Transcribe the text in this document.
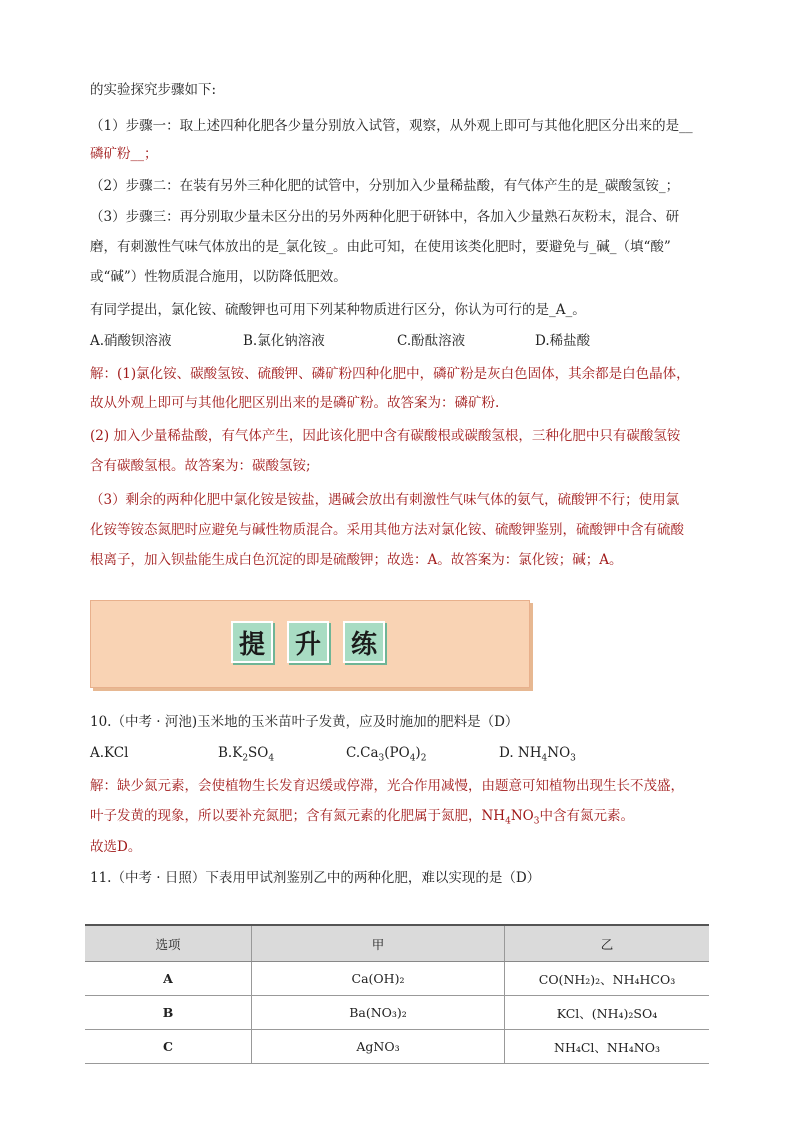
的实验探究步骤如下:
（1）步骤一：取上述四种化肥各少量分别放入试管，观察，从外观上即可与其他化肥区分出来的是__
磷矿粉__；
（2）步骤二：在装有另外三种化肥的试管中，分别加入少量稀盐酸，有气体产生的是_碳酸氢铵_；
（3）步骤三：再分别取少量未区分出的另外两种化肥于研钵中，各加入少量熟石灰粉末，混合、研
磨，有刺激性气味气体放出的是_氯化铵_。由此可知，在使用该类化肥时，要避免与_碱_（填“酸”
或“碱”）性物质混合施用，以防降低肥效。
有同学提出，氯化铵、硫酸钾也可用下列某种物质进行区分，你认为可行的是_A_。
A.硝酸钡溶液	B.氯化钠溶液	C.酚酞溶液	D.稀盐酸
解：(1)氯化铵、碳酸氢铵、硫酸钾、磷矿粉四种化肥中，磷矿粉是灰白色固体，其余都是白色晶体，
故从外观上即可与其他化肥区别出来的是磷矿粉。故答案为：磷矿粉.
(2) 加入少量稀盐酸，有气体产生，因此该化肥中含有碳酸根或碳酸氢根，三种化肥中只有碳酸氢铵
含有碳酸氢根。故答案为：碳酸氢铵;
（3）剩余的两种化肥中氯化铵是铵盐，遇碱会放出有刺激性气味气体的氨气，硫酸钾不行；使用氯
化铵等铵态氮肥时应避免与碱性物质混合。采用其他方法对氯化铵、硫酸钾鉴别，硫酸钾中含有硫酸
根离子，加入钡盐能生成白色沉淀的即是硫酸钾；故选：A。故答案为：氯化铵；碱；A。
提	升	练
10.（中考 · 河池)玉米地的玉米苗叶子发黄，应及时施加的肥料是（D）
A.KCl	$B.K_2SO_4$	$C.Ca_3(PO_4)_2$	D. $NH_4NO_3$
解：缺少氮元素，会使植物生长发育迟缓或停滞，光合作用减慢，由题意可知植物出现生长不茂盛，
叶子发黄的现象，所以要补充氮肥；含有氮元素的化肥属于氮肥，$NH_4NO_3$中含有氮元素。
故选D。
11.（中考 · 日照）下表用甲试剂鉴别乙中的两种化肥，难以实现的是（D）
选项	甲	乙
A	Ca(OH)₂	CO(NH₂)₂、NH₄HCO₃
B	Ba(NO₃)₂	KCl、(NH₄)₂SO₄
C	AgNO₃	NH₄Cl、NH₄NO₃
